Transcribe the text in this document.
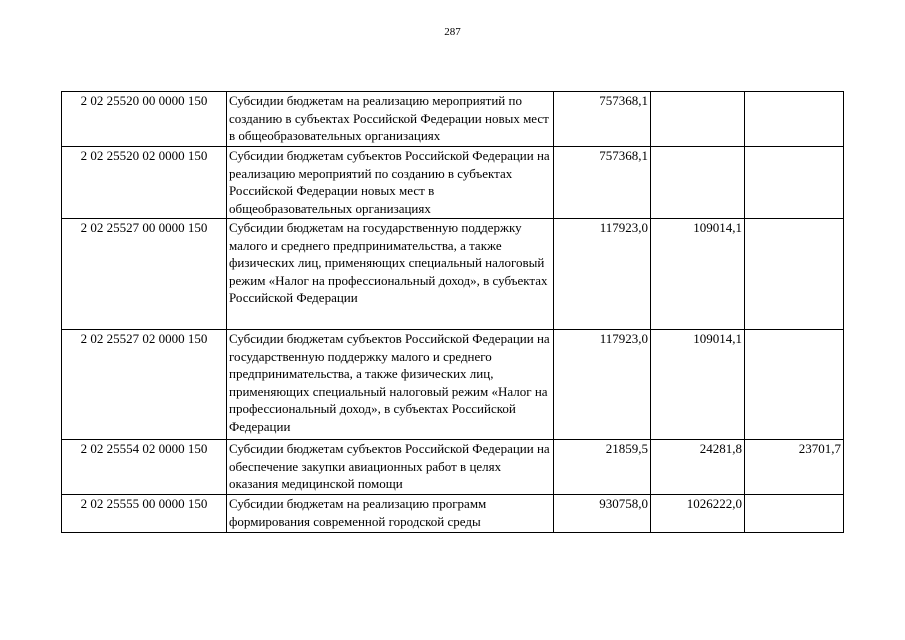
287
2 02 25520 00 0000 150	Субсидии бюджетам на реализацию мероприятий по созданию в субъектах Российской Федерации новых мест в общеобразовательных организациях	757368,1		
2 02 25520 02 0000 150	Субсидии бюджетам субъектов Российской Федерации на реализацию мероприятий по созданию в субъектах Российской Федерации новых мест в общеобразовательных организациях	757368,1		
2 02 25527 00 0000 150	Субсидии бюджетам на государственную поддержку малого и среднего предпринимательства, а также физических лиц, применяющих специальный налоговый режим «Налог на профессиональный доход», в субъектах Российской Федерации	117923,0	109014,1	
2 02 25527 02 0000 150	Субсидии бюджетам субъектов Российской Федерации на государственную поддержку малого и среднего предпринимательства, а также физических лиц, применяющих специальный налоговый режим «Налог на профессиональный доход», в субъектах Российской Федерации	117923,0	109014,1	
2 02 25554 02 0000 150	Субсидии бюджетам субъектов Российской Федерации на обеспечение закупки авиационных работ в целях оказания медицинской помощи	21859,5	24281,8	23701,7
2 02 25555 00 0000 150	Субсидии бюджетам на реализацию программ формирования современной городской среды	930758,0	1026222,0	
